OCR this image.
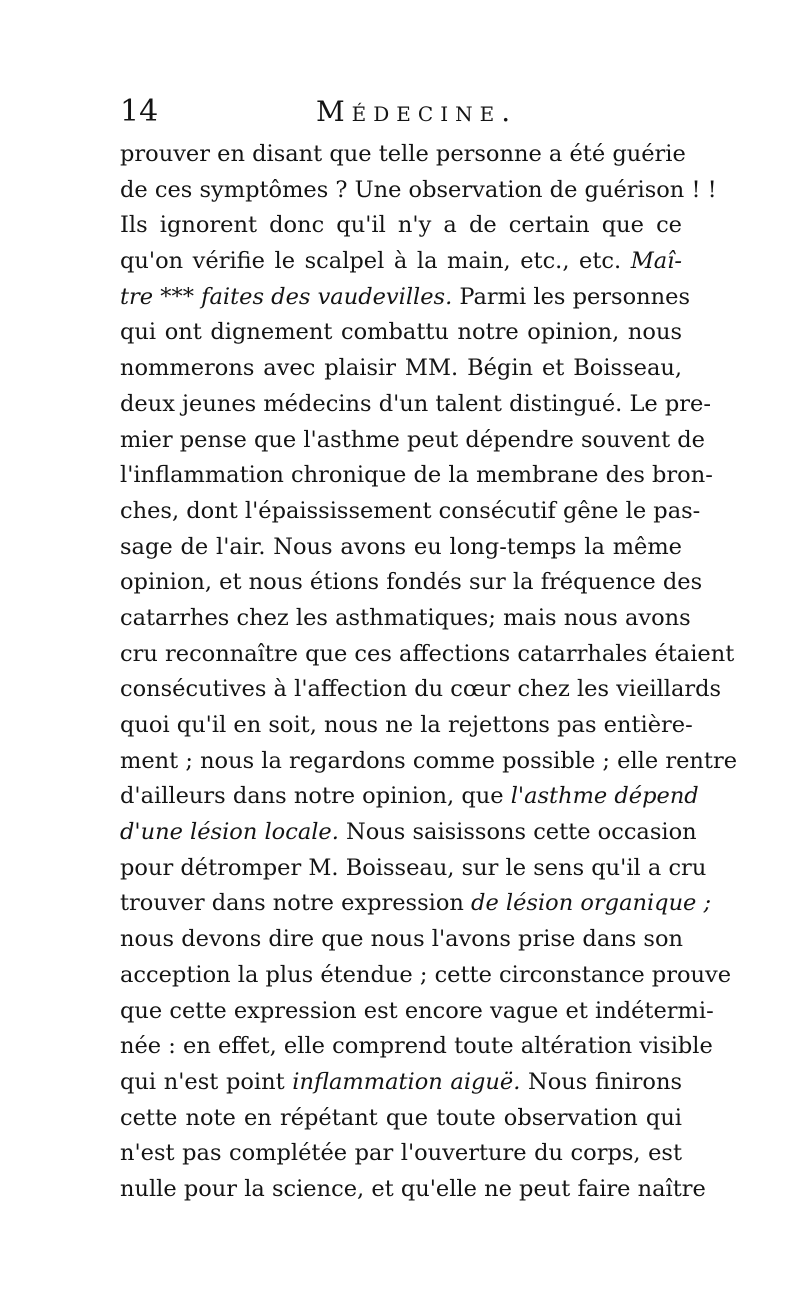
14	Médecine.
prouver en disant que telle personne a été guérie
de ces symptômes ? Une observation de guérison ! !
Ils ignorent donc qu'il n'y a de certain que ce
qu'on vérifie le scalpel à la main, etc., etc. Maî-
tre *** faites des vaudevilles. Parmi les personnes
qui ont dignement combattu notre opinion, nous
nommerons avec plaisir MM. Bégin et Boisseau,
deux jeunes médecins d'un talent distingué. Le pre-
mier pense que l'asthme peut dépendre souvent de
l'inflammation chronique de la membrane des bron-
ches, dont l'épaississement consécutif gêne le pas-
sage de l'air. Nous avons eu long-temps la même
opinion, et nous étions fondés sur la fréquence des
catarrhes chez les asthmatiques; mais nous avons
cru reconnaître que ces affections catarrhales étaient
consécutives à l'affection du cœur chez les vieillards
quoi qu'il en soit, nous ne la rejettons pas entière-
ment ; nous la regardons comme possible ; elle rentre
d'ailleurs dans notre opinion, que l'asthme dépend
d'une lésion locale. Nous saisissons cette occasion
pour détromper M. Boisseau, sur le sens qu'il a cru
trouver dans notre expression de lésion organique ;
nous devons dire que nous l'avons prise dans son
acception la plus étendue ; cette circonstance prouve
que cette expression est encore vague et indétermi-
née : en effet, elle comprend toute altération visible
qui n'est point inflammation aiguë. Nous finirons
cette note en répétant que toute observation qui
n'est pas complétée par l'ouverture du corps, est
nulle pour la science, et qu'elle ne peut faire naître
